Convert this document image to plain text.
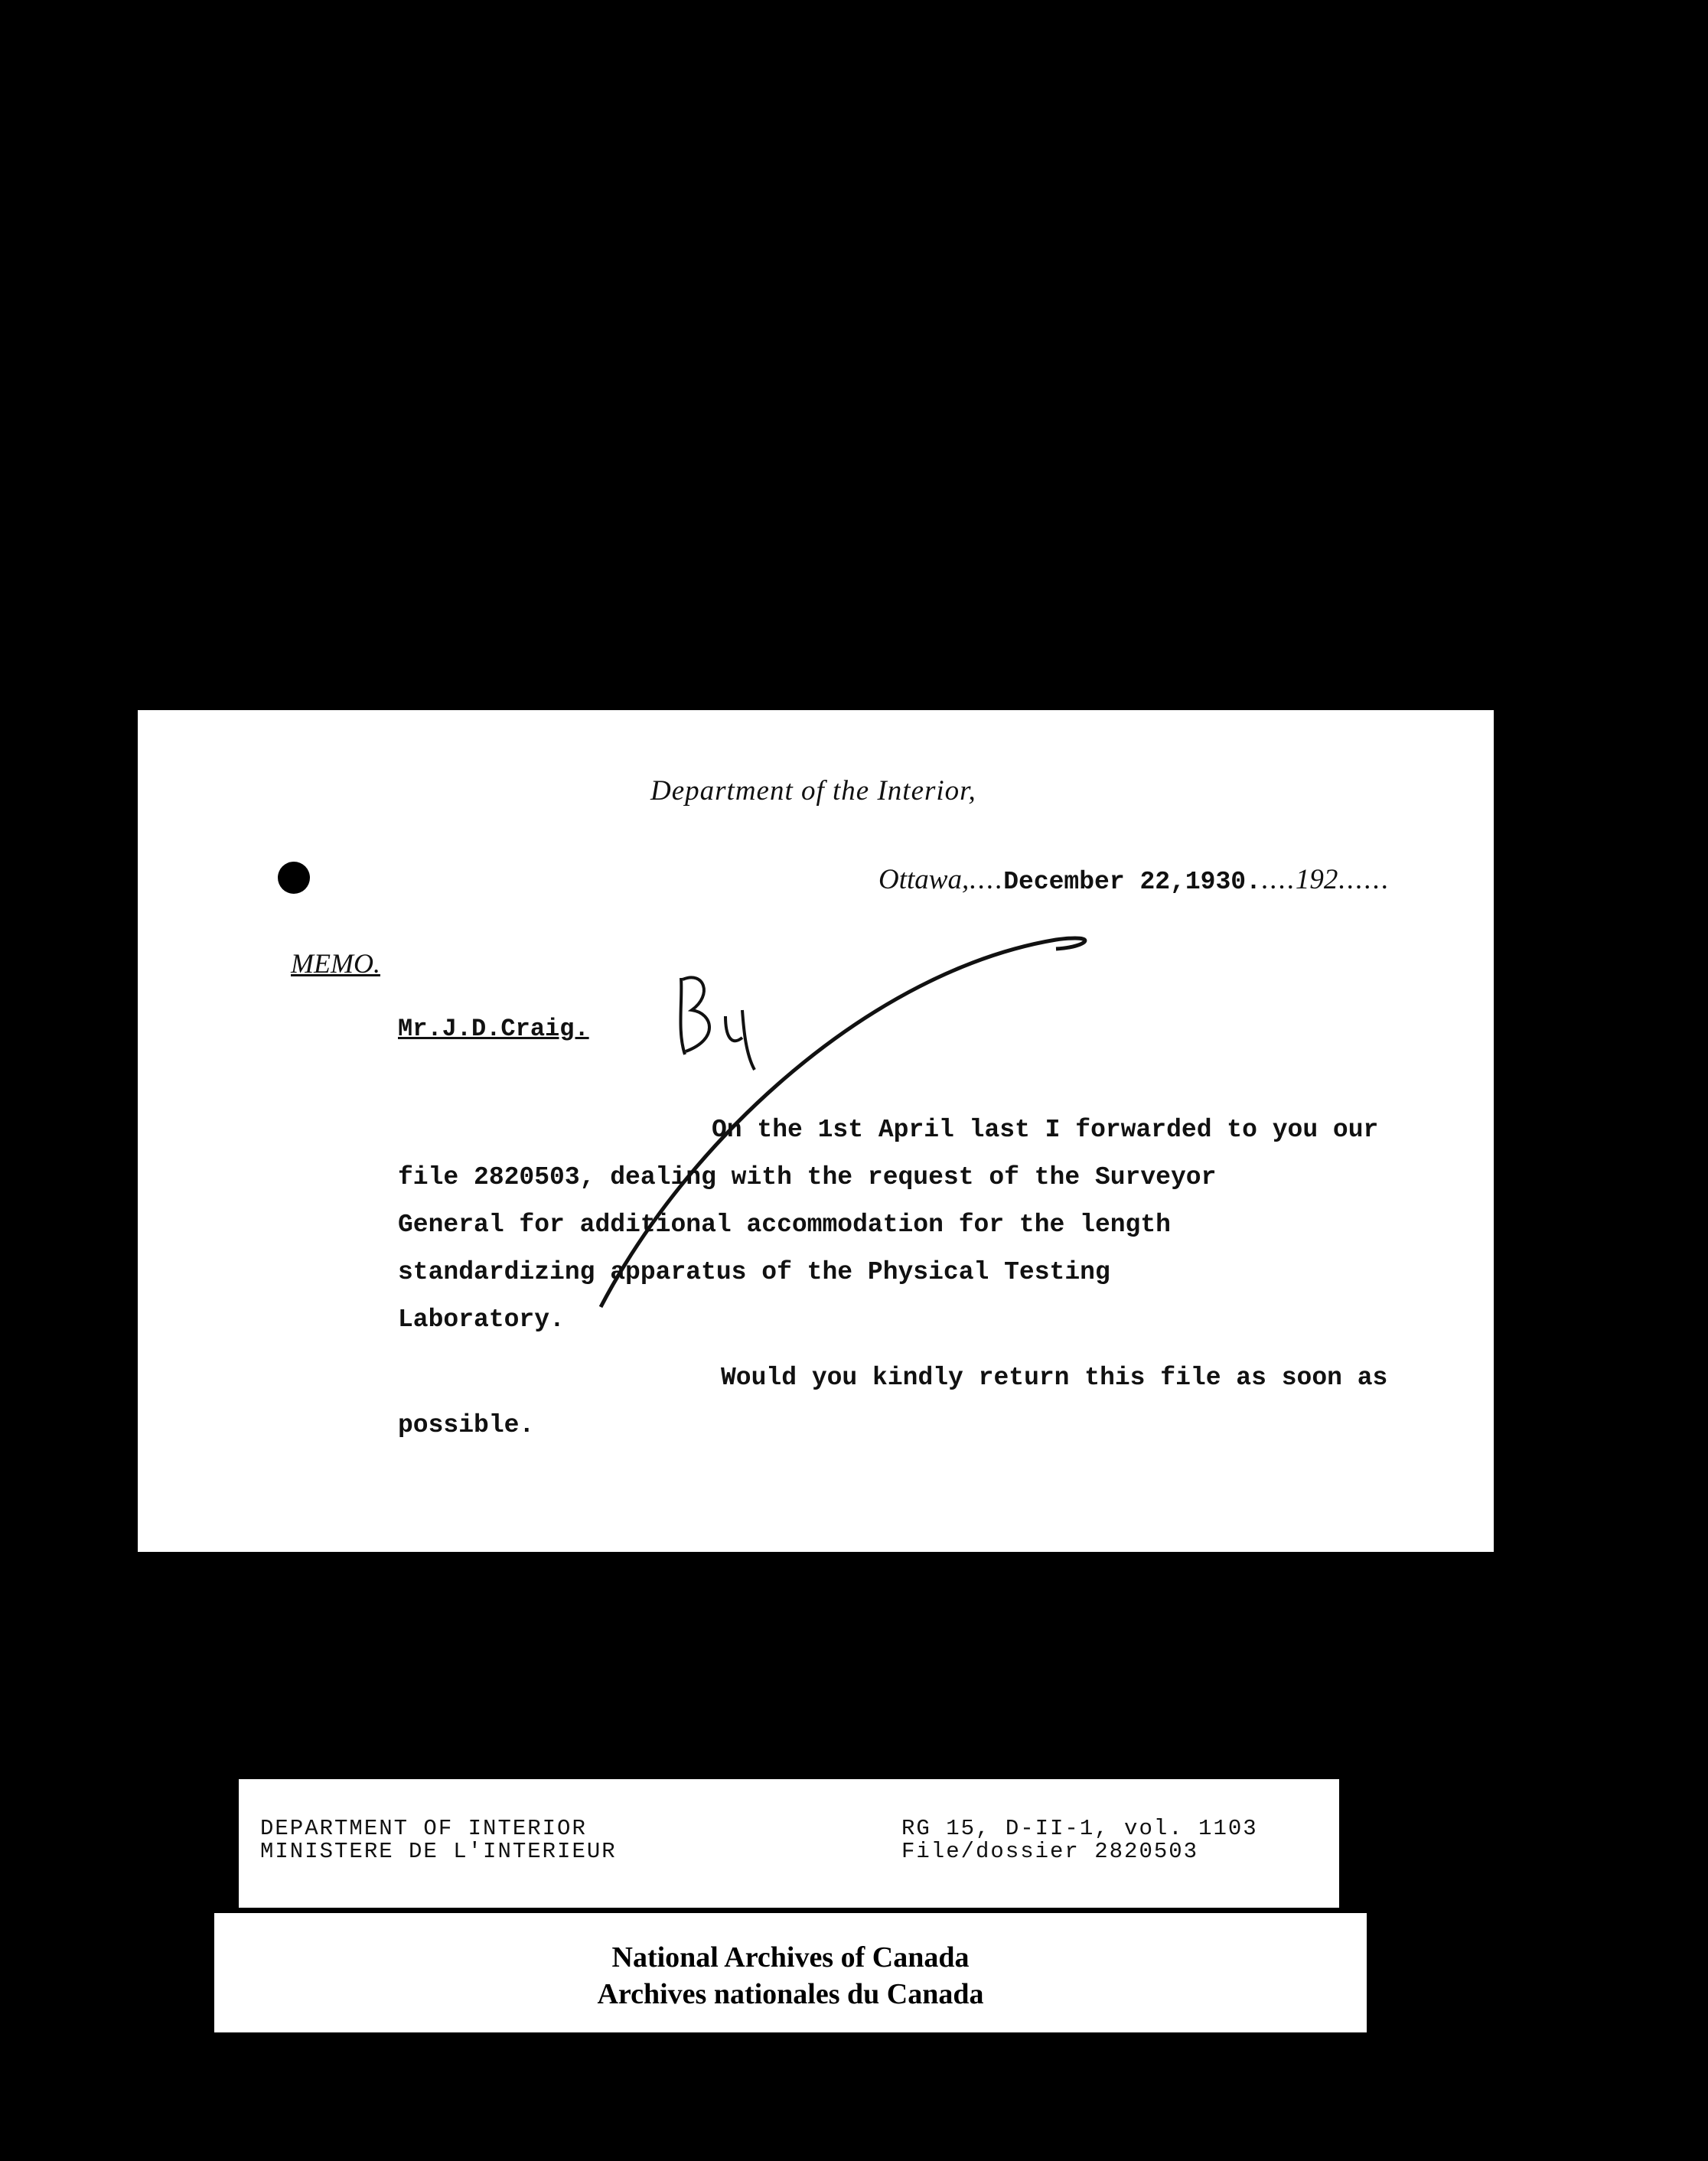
Department of the Interior,
Ottawa,....December 22,1930.....192......
MEMO.
Mr.J.D.Craig.
On the 1st April last I forwarded to you our
file 2820503, dealing with the request of the Surveyor
General for additional accommodation for the length
standardizing apparatus of the Physical Testing
Laboratory.
Would you kindly return this file as soon as
possible.
DEPARTMENT OF INTERIOR
MINISTERE DE L'INTERIEUR
RG 15, D-II-1, vol. 1103
File/dossier 2820503
National Archives of Canada
Archives nationales du Canada
